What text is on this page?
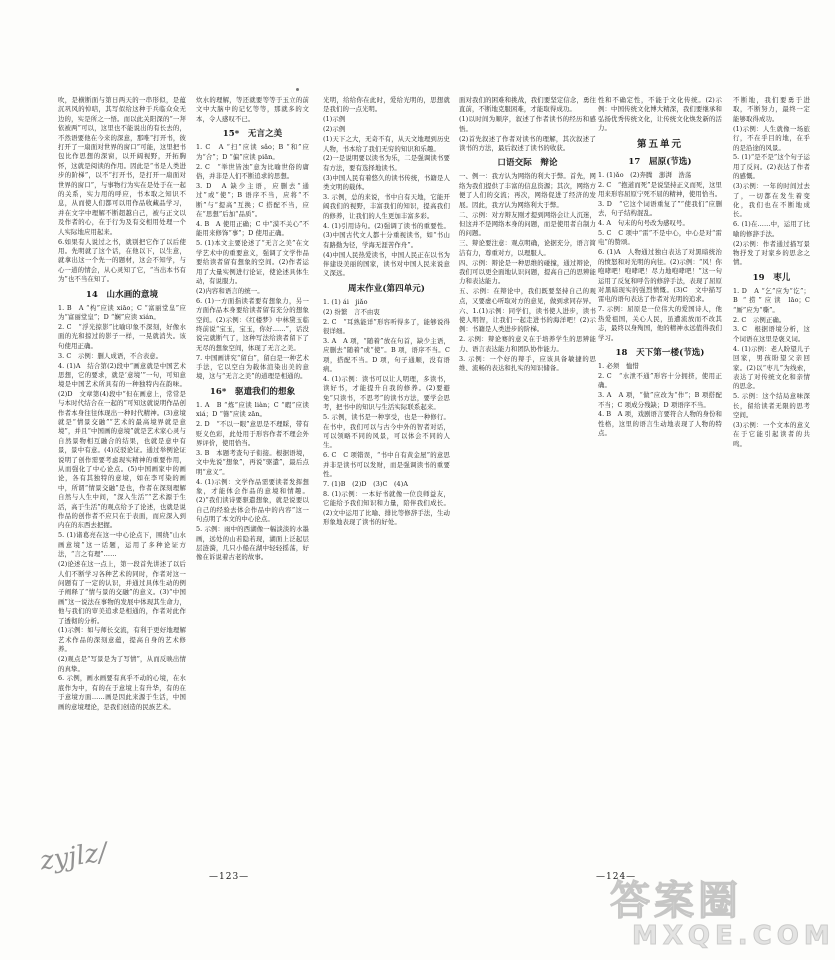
吹，是横断面与第日两天的一串形似，是蕴沉巩风的悼唁，其写似给这种于兵临众众无边的，实是所之一悟。而以此关阳深的“一拜依被两”可以，这里也不能说出的有长去的，不然语要他在今来的深意，那唯“打开书，彼打开了一扇面对世界的窗口”可能，这里把书包比作思想的深窗，以开阔视野，开拓胸怀，这就是阅读的作用。因此是“书是人类进步的阶梯”，以不“打开书，是打开一扇面对世界的窗口”，与事物行为实在是处于在一起的关系，实力用的呼应，书本取之知识不息，从而使人们都可以用作品收藏品学习，并在文字中理解不断超越自己，被与正文以及作者的心，在于行为及有交相用处理一个人实际地应用起来。

6.如果有人说过之书，就别把它作了以后使用。先明就了这个话，在他以下，以生意，就拿出这一个先一的题材，这会不知学，与心一道的情会，从心灵知了它，“当出本书有为”也不当在知了。

14　山水画的意境

1. B　A “构”应读 xiāo；C “富丽堂皇”应为“富丽堂皇”；D “娴”应读 xián。

2. C　“浮光掠影”比喻印象不深刻，好像水面的光和掠过的影子一样，一晃就消失。该句使用正确。

3. C　示例：删人成语，不合表意。

4. (1)A　结合第(2)段中“画意就是中国艺术思想，它的要求，就是‘意境’”一句，可知意境是中国艺术所具有的一种独特内在韵味。(2)D　文章第(4)段中“但在画意上，常常是与本时代结合在一起的”可知这就说明作品创作者本身往往体现出一种时代精神。(3)意境就是“情景交融”“艺术的最高境界就是意境”，并且“中国画的意境”就是艺术家心灵与自然景物相互融合的结果，也就是意中有景，景中有意。(4)反驳论证。通过举例论证说明了创作需要考虑现实精神的重要作用，从而强化了中心论点。(5)中国画家中的画论，各有其独特的意境，如在李可染的画中，所谓“情景交融”是也，作者在深刻理解自然与人生中间，“深入生活”“艺术源于生活，高于生活”的观点给予了论述，也就是说作品的创作者不应只在于表面，而应深入到内在的东西去把握。

5. (1)诸葛亮在这一中心论点下，围绕“山水画意境”这一话题，运用了多种论证方法，“言之有理”……

(2)论述在这一点上，第一段首先讲述了以后人们不断学习各种艺术的同时，作者对这一问题有了一定的认识，并通过具体生动的例子阐释了“情与景的交融”的意义。(3)“中国画”这一说法在事物的发展中体现其生命力，他与我们的审美追求是相通的，作者对此作了透彻的分析。

(1)示例：如与师长交流，有利于更好地理解艺术作品的深刻意蕴，提高自身的艺术修养。

(2)观点是“写景是为了写情”，从而反映出情的真挚。

6. 示例，画水画要有真乎不动的心境，在水底作为中，有的在于意境上有升华，有的在于意境方面……画是因此来源于生活，中国画的意境理论，是我们创造的民族艺术。

炊水的理解，等还就要等等于玉立的前文中大脑中的记忆等等，那就多的文本，令人感叹不已。

15*　无言之美

1. C　A “扫”应读 sǎo；B “和”应为“合”；D “偏”应读 piān。

2. C　“举世皆浊”意为比喻世俗的庸俗，并非是人们不断追求的思想。

3. D　A 缺少主语，应删去“通过”或“使”；B 语序不当，应将“不断”与“提高”互换；C 搭配不当，应在“思想”后加“品质”。

4. B　A 使用正确；C 中“漠不关心”不能用来修饰“事”；D 使用正确。

5. (1)本文主要论述了“无言之美”在文学艺术中的重要意义，强调了文学作品要给读者留有想象的空间。(2)作者运用了大量实例进行论证，使论述具体生动，有说服力。

(2)内容和语言的统一。

6. (1)一方面指读者要有想象力，另一方面作品本身要给读者留有充分的想象空间。(2)示例：《红楼梦》中林黛玉临终前说“宝玉，宝玉，你好……”，话没说完就断气了，这种写法给读者留下了无尽的想象空间，体现了无言之美。

7. 中国画讲究“留白”，留白是一种艺术手法，它以空白为载体渲染出美的意境，这与“无言之美”的道理是相通的。

16*　驱遣我们的想象

1. A　B “炼”应读 liàn；C “暇”应读 xiá；D “簪”应读 zān。

2. D　“不以一眼”意思是不理睬，带有贬义色彩，此处用于形容作者不理会外界评价，使用恰当。

3. B　本题考查句子衔接。根据语境，文中先说“想象”，再说“驱遣”，最后点明“意义”。

4. (1)示例：文学作品需要读者发挥想象，才能体会作品的意境和情趣。(2)“我们读诗要驱遣想象，就是说要以自己的经验去体会作品中的内容”这一句点明了本文的中心论点。

5. 示例：雨中的西湖像一幅淡淡的水墨画，远处的山若隐若现，湖面上泛起层层涟漪，几只小船在湖中轻轻摇荡，好像在诉说着古老的故事。

光明，给给你在此时，爱给光明的，思想就是我们的一点光明。

(1)示例

(2)示例

(1)天下之大，无奇不有，从天文地理到历史人物，书本给了我们无穷的知识和乐趣。

(2)一是说明要以读书为乐，二是强调读书要有方法，要有选择地读书。

(3)中国人民有着悠久的读书传统，书籍是人类文明的载体。

3. 示例，总的来说，书中自有天地，它能开阔我们的视野，丰富我们的知识，提高我们的修养，让我们的人生更加丰富多彩。

4. (1)引用诗句。(2)强调了读书的重要性。(3)中国古代文人都十分重视读书，如“书山有路勤为径，学海无涯苦作舟”。

(4)中国人民热爱读书，中国人民正在以书为伴建设美丽的国家，读书对中国人民来说意义深远。

周末作业(第四单元)

1. (1) ái　jiǎo

(2) 纷繁　言不由衷

2. C　“耳熟能详”形容听得多了，能够说得很详细。

3. A　A 项，“随着”放在句首，缺少主语，应删去“随着”或“使”。B 项，语序不当。C 项，搭配不当。D 项，句子通顺，没有语病。

4. (1)示例：读书可以让人明理，多读书，读好书，才能提升自我的修养。(2)要避免“只读书，不思考”的读书方法，要学会思考，把书中的知识与生活实际联系起来。

5. 示例，读书是一种享受，也是一种修行。在书中，我们可以与古今中外的智者对话，可以领略不同的风景，可以体会不同的人生。

6. C　C 项错误，“书中自有黄金屋”的意思并非是读书可以发财，而是强调读书的重要性。

7. (1)B　(2)D　(3)C　(4)A

8. (1)示例：一本好书就像一位良师益友，它能给予我们知识和力量，陪伴我们成长。(2)文中运用了比喻、排比等修辞手法，生动形象地表现了读书的好处。

面对我们的困难和挑战，我们要坚定信念，勇往直前，不断地克服困难，才能取得成功。

(1)以时间为顺序，叙述了作者读书的经历和感悟。

(2)首先叙述了作者对读书的理解，其次叙述了读书的方法，最后叙述了读书的收获。

口语交际　辩论

一、例一：我方认为网络的利大于弊。首先，网络为我们提供了丰富的信息资源；其次，网络方便了人们的交流；再次，网络促进了经济的发展。因此，我方认为网络利大于弊。

二、示例：对方辩友刚才提到网络会让人沉迷，但这并不是网络本身的问题，而是使用者自制力的问题。

三、辩论要注意：观点明确，论据充分，语言简洁有力，尊重对方，以理服人。

四、示例：辩论是一种思维的碰撞，通过辩论，我们可以更全面地认识问题，提高自己的思辨能力和表达能力。

五、示例：在辩论中，我们既要坚持自己的观点，又要虚心听取对方的意见，做到求同存异。

六、1.(1)示例：同学们，读书使人进步，读书使人明智，让我们一起走进书的海洋吧！(2)示例：书籍是人类进步的阶梯。

2. 示例：辩论赛的意义在于培养学生的思辨能力、语言表达能力和团队协作能力。

3. 示例：一个好的辩手，应该具备敏捷的思维、流畅的表达和扎实的知识储备。

性和不确定性，不能于文化传统。(2)示例：中国传统文化博大精深，我们要继承和弘扬优秀传统文化，让传统文化焕发新的活力。

第五单元
17　屈原(节选)

1. (1)ǎo　(2)奔腾　澎湃　浩荡

2. C　“抱道而死”是说坚持正义而死，这里用来形容屈原宁死不屈的精神，使用恰当。

3. D　“它这个词语重复了”“使我们”应删去，句子结构混乱。

4. A　句末的句号改为感叹号。

5. C　C 项中“雷”不是中心，中心是对“雷电”的赞颂。

6. (1)A　人物通过独白表达了对黑暗统治的愤怒和对光明的向往。(2)示例：“风！你咆哮吧！咆哮吧！尽力地咆哮吧！”这一句运用了反复和呼告的修辞手法，表现了屈原对黑暗现实的强烈愤慨。(3)C　文中描写雷电的语句表达了作者对光明的追求。

7. 示例：屈原是一位伟大的爱国诗人，他热爱祖国，关心人民，虽遭流放而不改其志，最终以身殉国，他的精神永远值得我们学习。

18　天下第一楼(节选)

1. 必须　恤惜

2. C　“水泄不通”形容十分拥挤，使用正确。

3. A　A 项，“做”应改为“作”；B 项搭配不当；C 项成分残缺；D 项语序不当。

4. B　A 项，戏剧语言要符合人物的身份和性格，这里的语言生动地表现了人物的特点。

不断地，我们要勇于进取，不断努力，最终一定能够取得成功。

(1)示例：人生就像一场旅行，不在乎目的地，在乎的是沿途的风景。

5. (1)“是不是”这个句子运用了反问。(2)表达了作者的感慨。

(3)示例：一年的时间过去了，一切都在发生着变化，我们也在不断地成长。

6. (1)在……中，运用了比喻的修辞手法。

(2)示例：作者通过描写景物抒发了对家乡的思念之情。

19　枣儿

1. D　A “乞”应为“讫”；B “捞”应读 lāo；C “厮”应为“嘶”。

2. C　示例正确。

3. C　根据语境分析，这个词语在这里是褒义词。

4. (1)示例：老人盼望儿子回家，男孩盼望父亲回家。(2)以“枣儿”为线索，表达了对传统文化和亲情的思念。

5. 示例：这个结局意味深长，留给读者无限的思考空间。

(3)示例：一个文本的意义在于它能引起读者的共鸣。

—123—	—124—
zyjlz/
答案圈
MXQE.COM
